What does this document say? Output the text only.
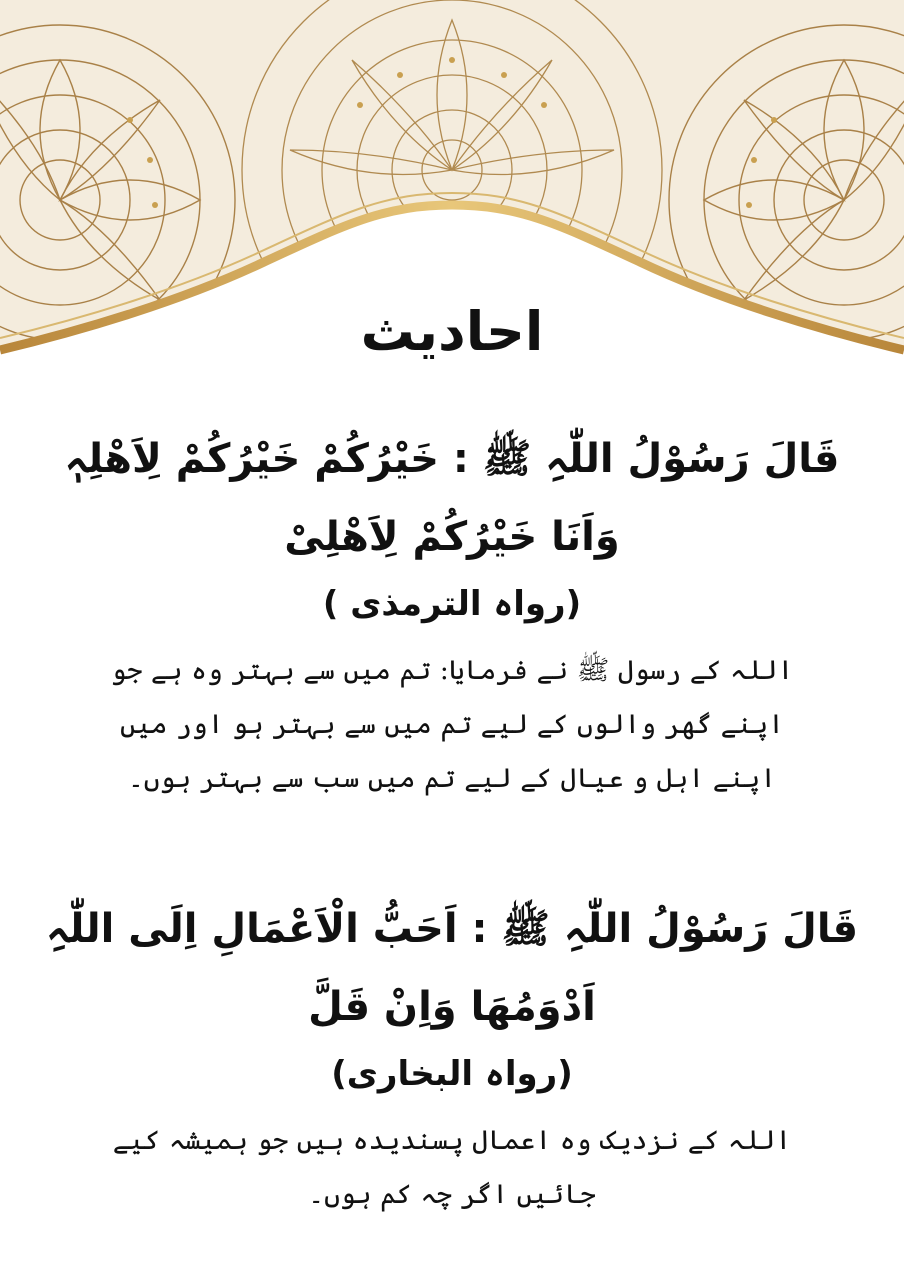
احادیث

قَالَ رَسُوْلُ اللّٰہِ ﷺ : خَیْرُکُمْ خَیْرُکُمْ لِاَھْلِہٖ وَاَنَا خَیْرُکُمْ لِاَھْلِیْ

(رواہ الترمذی )

اللہ کے رسول ﷺ نے فرمایا: تم میں سے بہتر وہ ہے جو اپنے گھر والوں کے لیے تم میں سے بہتر ہو اور میں اپنے اہل و عیال کے لیے تم میں سب سے بہتر ہوں۔

قَالَ رَسُوْلُ اللّٰہِ ﷺ : اَحَبُّ الْاَعْمَالِ اِلَی اللّٰہِ اَدْوَمُھَا وَاِنْ قَلَّ

(رواہ البخاری)

اللہ کے نزدیک وہ اعمال پسندیدہ ہیں جو ہمیشہ کیے جائیں اگر چہ کم ہوں۔
